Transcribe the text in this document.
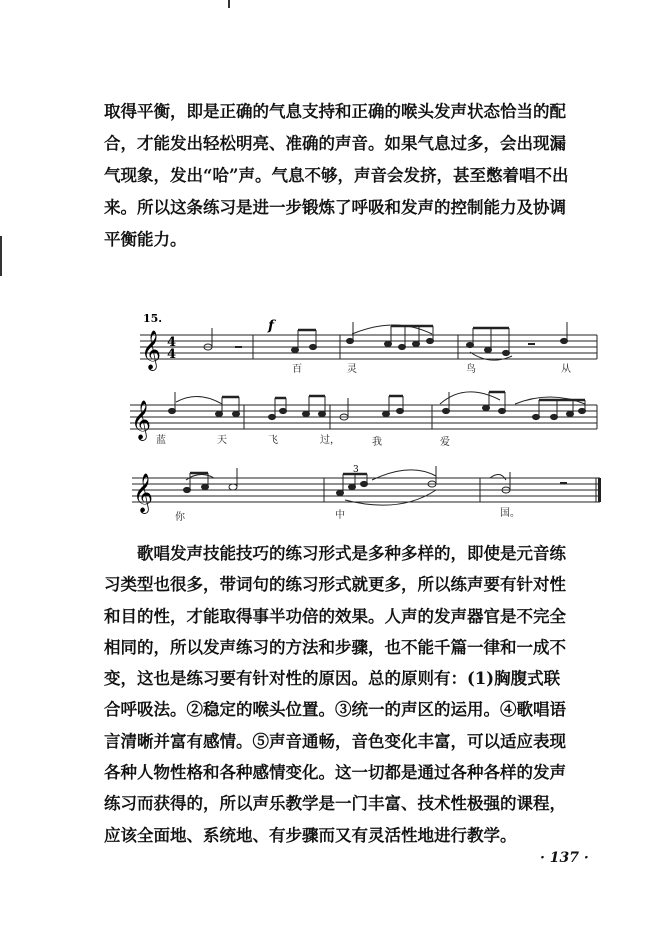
取得平衡，即是正确的气息支持和正确的喉头发声状态恰当的配
合，才能发出轻松明亮、准确的声音。如果气息过多，会出现漏
气现象，发出“哈”声。气息不够，声音会发挤，甚至憋着唱不出
来。所以这条练习是进一步锻炼了呼吸和发声的控制能力及协调
平衡能力。

15.	f
𝄞
𝄞
𝄞
4
4
3
百	灵	鸟	从
蓝	天	飞	过，	我	爱
你	中	国。

歌唱发声技能技巧的练习形式是多种多样的，即使是元音练
习类型也很多，带词句的练习形式就更多，所以练声要有针对性
和目的性，才能取得事半功倍的效果。人声的发声器官是不完全
相同的，所以发声练习的方法和步骤，也不能千篇一律和一成不
变，这也是练习要有针对性的原因。总的原则有：(1)胸腹式联
合呼吸法。②稳定的喉头位置。③统一的声区的运用。④歌唱语
言清晰并富有感情。⑤声音通畅，音色变化丰富，可以适应表现
各种人物性格和各种感情变化。这一切都是通过各种各样的发声
练习而获得的，所以声乐教学是一门丰富、技术性极强的课程，
应该全面地、系统地、有步骤而又有灵活性地进行教学。

· 137 ·
